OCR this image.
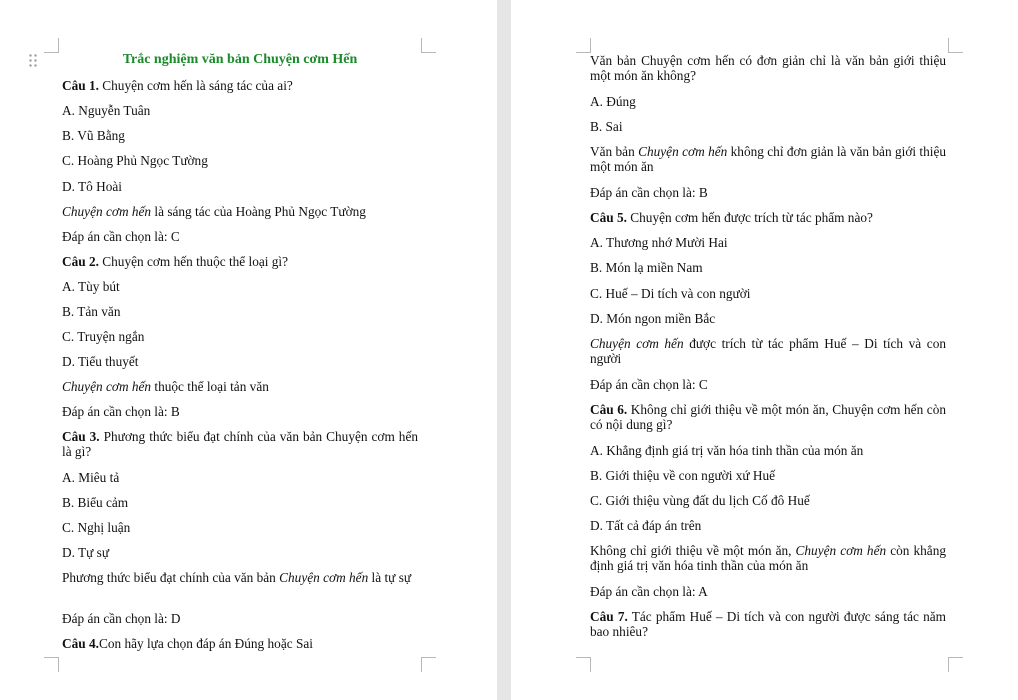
Trắc nghiệm văn bản Chuyện cơm Hến
Câu 1. Chuyện cơm hến là sáng tác của ai?
A. Nguyễn Tuân
B. Vũ Bằng
C. Hoàng Phủ Ngọc Tường
D. Tô Hoài
Chuyện cơm hến là sáng tác của Hoàng Phủ Ngọc Tường
Đáp án cần chọn là: C
Câu 2. Chuyện cơm hến thuộc thể loại gì?
A. Tùy bút
B. Tản văn
C. Truyện ngắn
D. Tiểu thuyết
Chuyện cơm hến thuộc thể loại tản văn
Đáp án cần chọn là: B
Câu 3. Phương thức biểu đạt chính của văn bản Chuyện cơm hến là gì?
A. Miêu tả
B. Biểu cảm
C. Nghị luận
D. Tự sự
Phương thức biểu đạt chính của văn bản Chuyện cơm hến là tự sự
Đáp án cần chọn là: D
Câu 4.Con hãy lựa chọn đáp án Đúng hoặc Sai
Văn bản Chuyện cơm hến có đơn giản chỉ là văn bản giới thiệu một món ăn không?
A. Đúng
B. Sai
Văn bản Chuyện cơm hến không chỉ đơn giản là văn bản giới thiệu một món ăn
Đáp án cần chọn là: B
Câu 5. Chuyện cơm hến được trích từ tác phẩm nào?
A. Thương nhớ Mười Hai
B. Món lạ miền Nam
C. Huế – Di tích và con người
D. Món ngon miền Bắc
Chuyện cơm hến được trích từ tác phẩm Huế – Di tích và con người
Đáp án cần chọn là: C
Câu 6. Không chỉ giới thiệu về một món ăn, Chuyện cơm hến còn có nội dung gì?
A. Khẳng định giá trị văn hóa tinh thần của món ăn
B. Giới thiệu về con người xứ Huế
C. Giới thiệu vùng đất du lịch Cố đô Huế
D. Tất cả đáp án trên
Không chỉ giới thiệu về một món ăn, Chuyện cơm hến còn khẳng định giá trị văn hóa tinh thần của món ăn
Đáp án cần chọn là: A
Câu 7. Tác phẩm Huế – Di tích và con người được sáng tác năm bao nhiêu?
